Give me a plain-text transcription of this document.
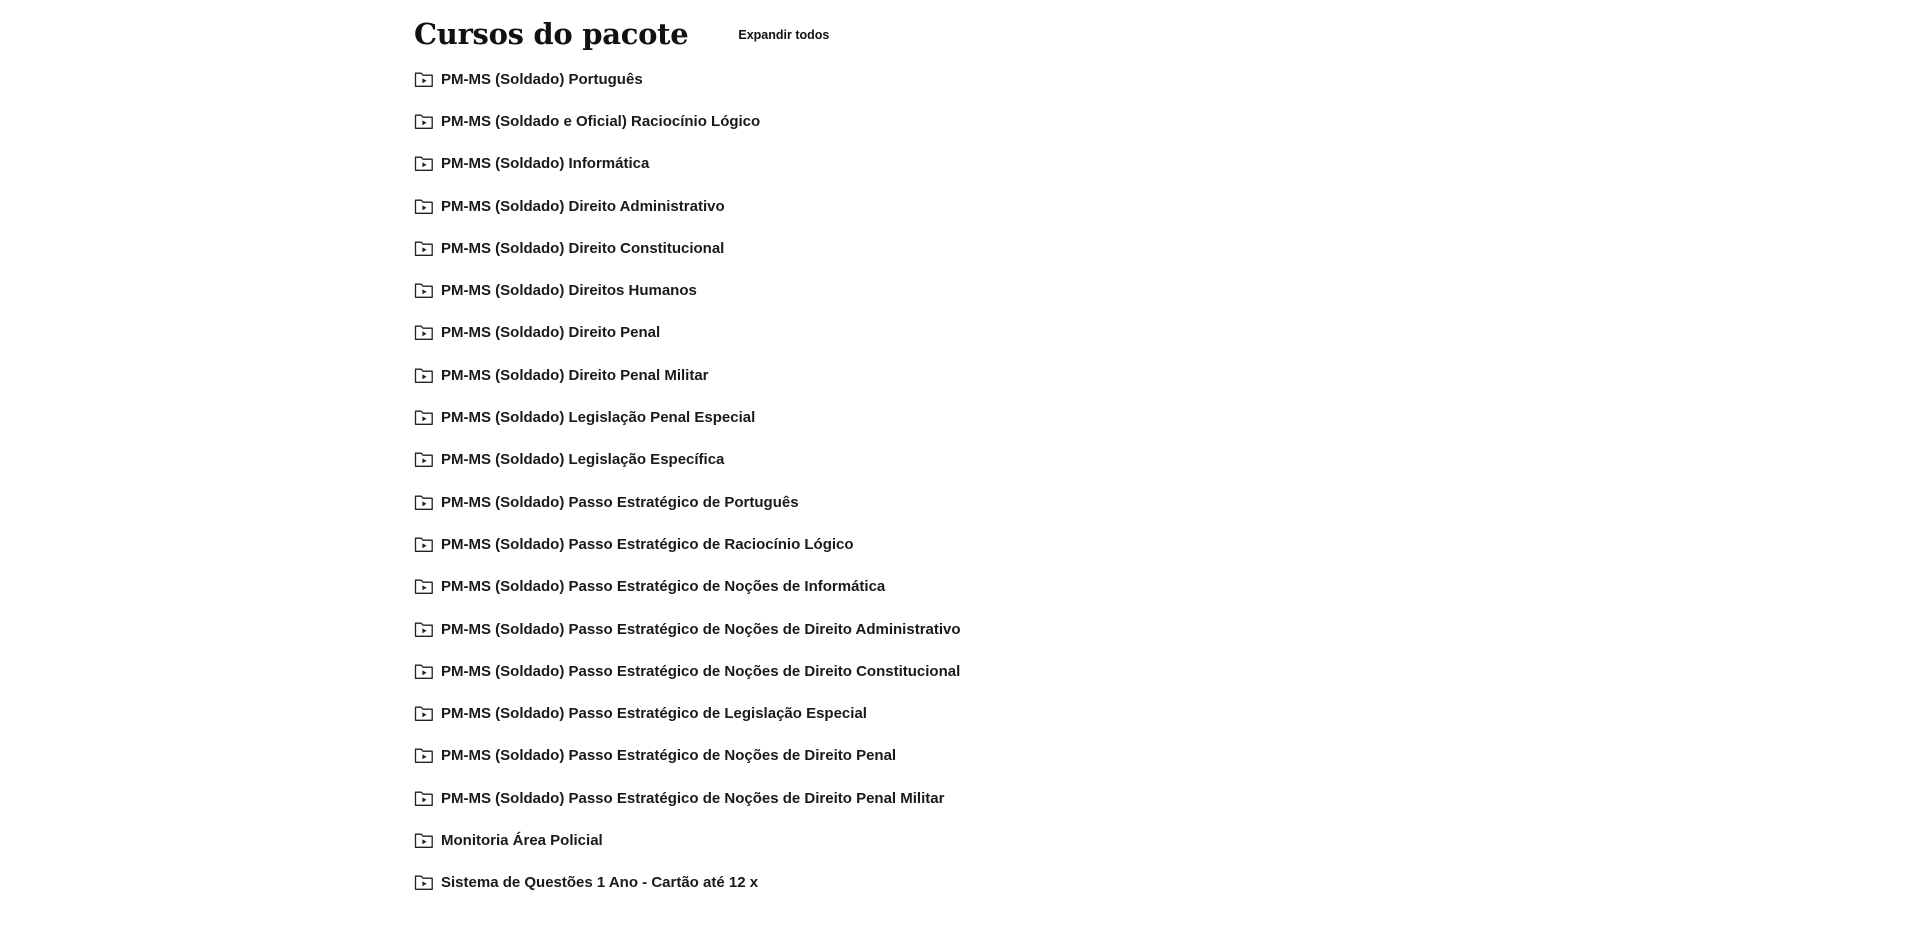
Cursos do pacote	Expandir todos
PM-MS (Soldado) Português
PM-MS (Soldado e Oficial) Raciocínio Lógico
PM-MS (Soldado) Informática
PM-MS (Soldado) Direito Administrativo
PM-MS (Soldado) Direito Constitucional
PM-MS (Soldado) Direitos Humanos
PM-MS (Soldado) Direito Penal
PM-MS (Soldado) Direito Penal Militar
PM-MS (Soldado) Legislação Penal Especial
PM-MS (Soldado) Legislação Específica
PM-MS (Soldado) Passo Estratégico de Português
PM-MS (Soldado) Passo Estratégico de Raciocínio Lógico
PM-MS (Soldado) Passo Estratégico de Noções de Informática
PM-MS (Soldado) Passo Estratégico de Noções de Direito Administrativo
PM-MS (Soldado) Passo Estratégico de Noções de Direito Constitucional
PM-MS (Soldado) Passo Estratégico de Legislação Especial
PM-MS (Soldado) Passo Estratégico de Noções de Direito Penal
PM-MS (Soldado) Passo Estratégico de Noções de Direito Penal Militar
Monitoria Área Policial
Sistema de Questões 1 Ano - Cartão até 12 x
